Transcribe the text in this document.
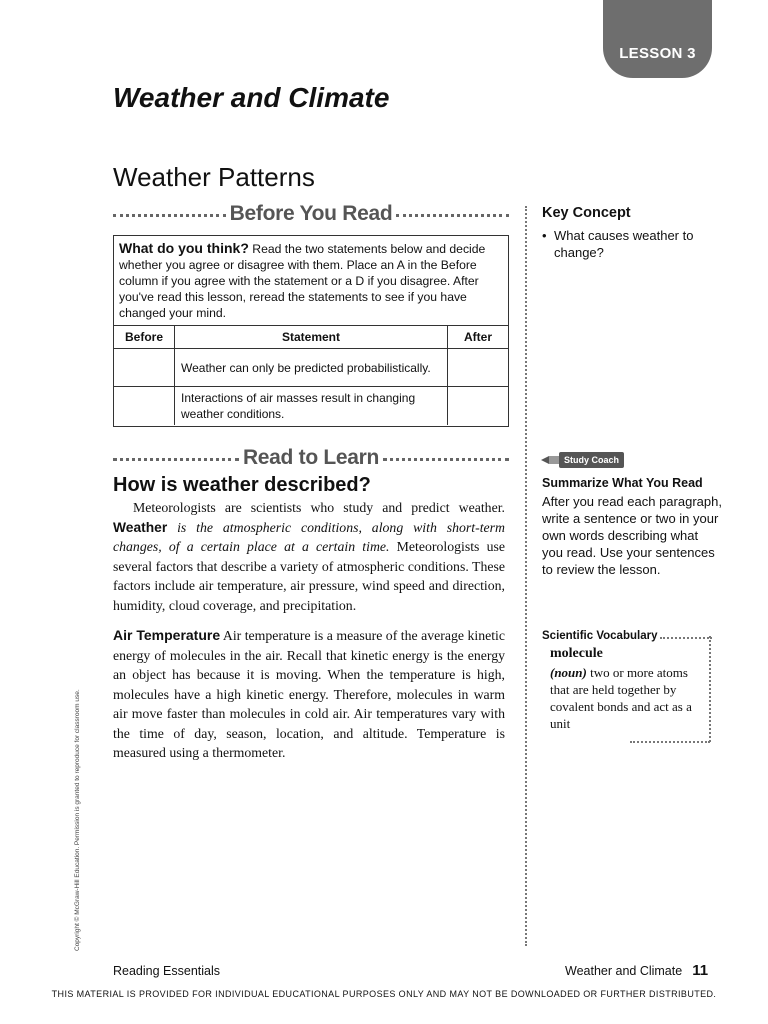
LESSON 3
Weather and Climate
Weather Patterns
Before You Read
What do you think? Read the two statements below and decide whether you agree or disagree with them. Place an A in the Before column if you agree with the statement or a D if you disagree. After you've read this lesson, reread the statements to see if you have changed your mind.
Before	Statement	After
	Weather can only be predicted probabilistically.	
	Interactions of air masses result in changing weather conditions.	
Read to Learn
How is weather described?
Meteorologists are scientists who study and predict weather. Weather is the atmospheric conditions, along with short-term changes, of a certain place at a certain time. Meteorologists use several factors that describe a variety of atmospheric conditions. These factors include air temperature, air pressure, wind speed and direction, humidity, cloud coverage, and precipitation.
Air Temperature Air temperature is a measure of the average kinetic energy of molecules in the air. Recall that kinetic energy is the energy an object has because it is moving. When the temperature is high, molecules have a high kinetic energy. Therefore, molecules in warm air move faster than molecules in cold air. Air temperatures vary with the time of day, season, location, and altitude. Temperature is measured using a thermometer.
Key Concept
• What causes weather to change?
Study Coach
Summarize What You Read
After you read each paragraph, write a sentence or two in your own words describing what you read. Use your sentences to review the lesson.
Scientific Vocabulary
molecule
(noun) two or more atoms that are held together by covalent bonds and act as a unit
Copyright © McGraw-Hill Education. Permission is granted to reproduce for classroom use.
Reading Essentials	Weather and Climate 11
THIS MATERIAL IS PROVIDED FOR INDIVIDUAL EDUCATIONAL PURPOSES ONLY AND MAY NOT BE DOWNLOADED OR FURTHER DISTRIBUTED.
